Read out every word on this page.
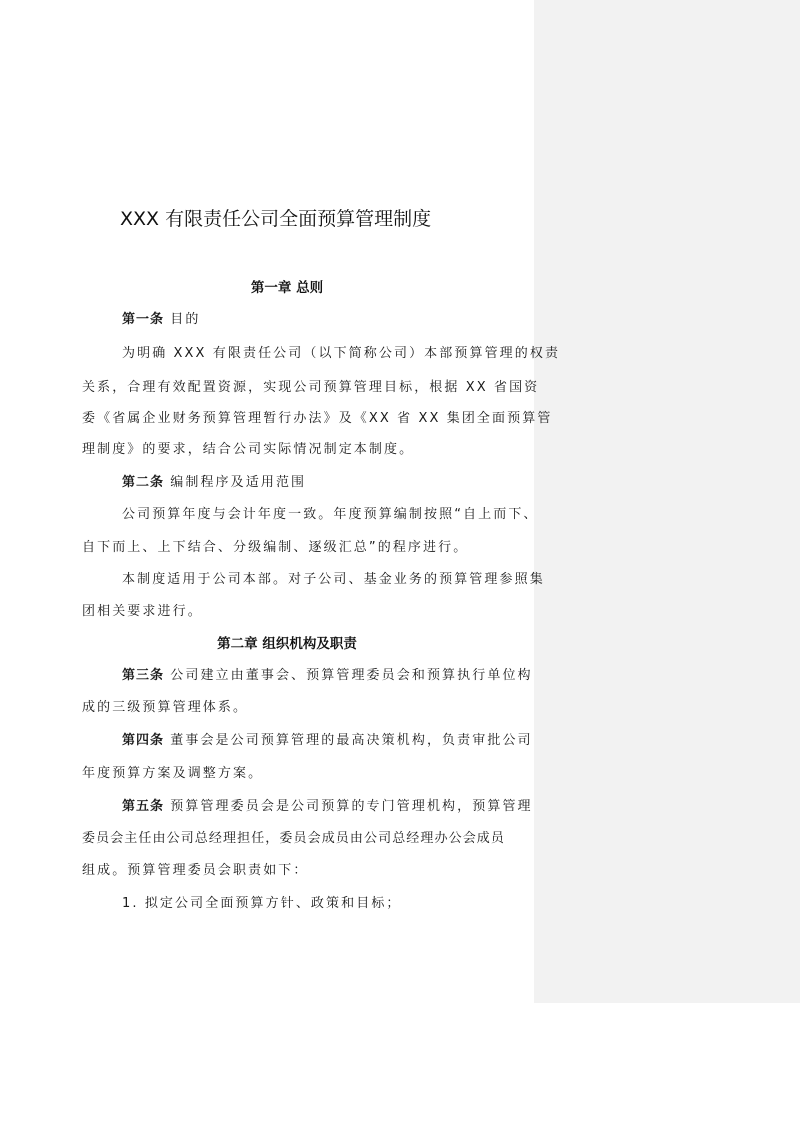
XXX 有限责任公司全面预算管理制度
第一章 总则
第一条 目的
为明确 XXX 有限责任公司（以下简称公司）本部预算管理的权责
关系，合理有效配置资源，实现公司预算管理目标，根据 XX 省国资
委《省属企业财务预算管理暂行办法》及《XX 省 XX 集团全面预算管
理制度》的要求，结合公司实际情况制定本制度。
第二条 编制程序及适用范围
公司预算年度与会计年度一致。年度预算编制按照“自上而下、
自下而上、上下结合、分级编制、逐级汇总”的程序进行。
本制度适用于公司本部。对子公司、基金业务的预算管理参照集
团相关要求进行。
第二章 组织机构及职责
第三条 公司建立由董事会、预算管理委员会和预算执行单位构
成的三级预算管理体系。
第四条 董事会是公司预算管理的最高决策机构，负责审批公司
年度预算方案及调整方案。
第五条 预算管理委员会是公司预算的专门管理机构，预算管理
委员会主任由公司总经理担任，委员会成员由公司总经理办公会成员
组成。预算管理委员会职责如下：
1. 拟定公司全面预算方针、政策和目标；
